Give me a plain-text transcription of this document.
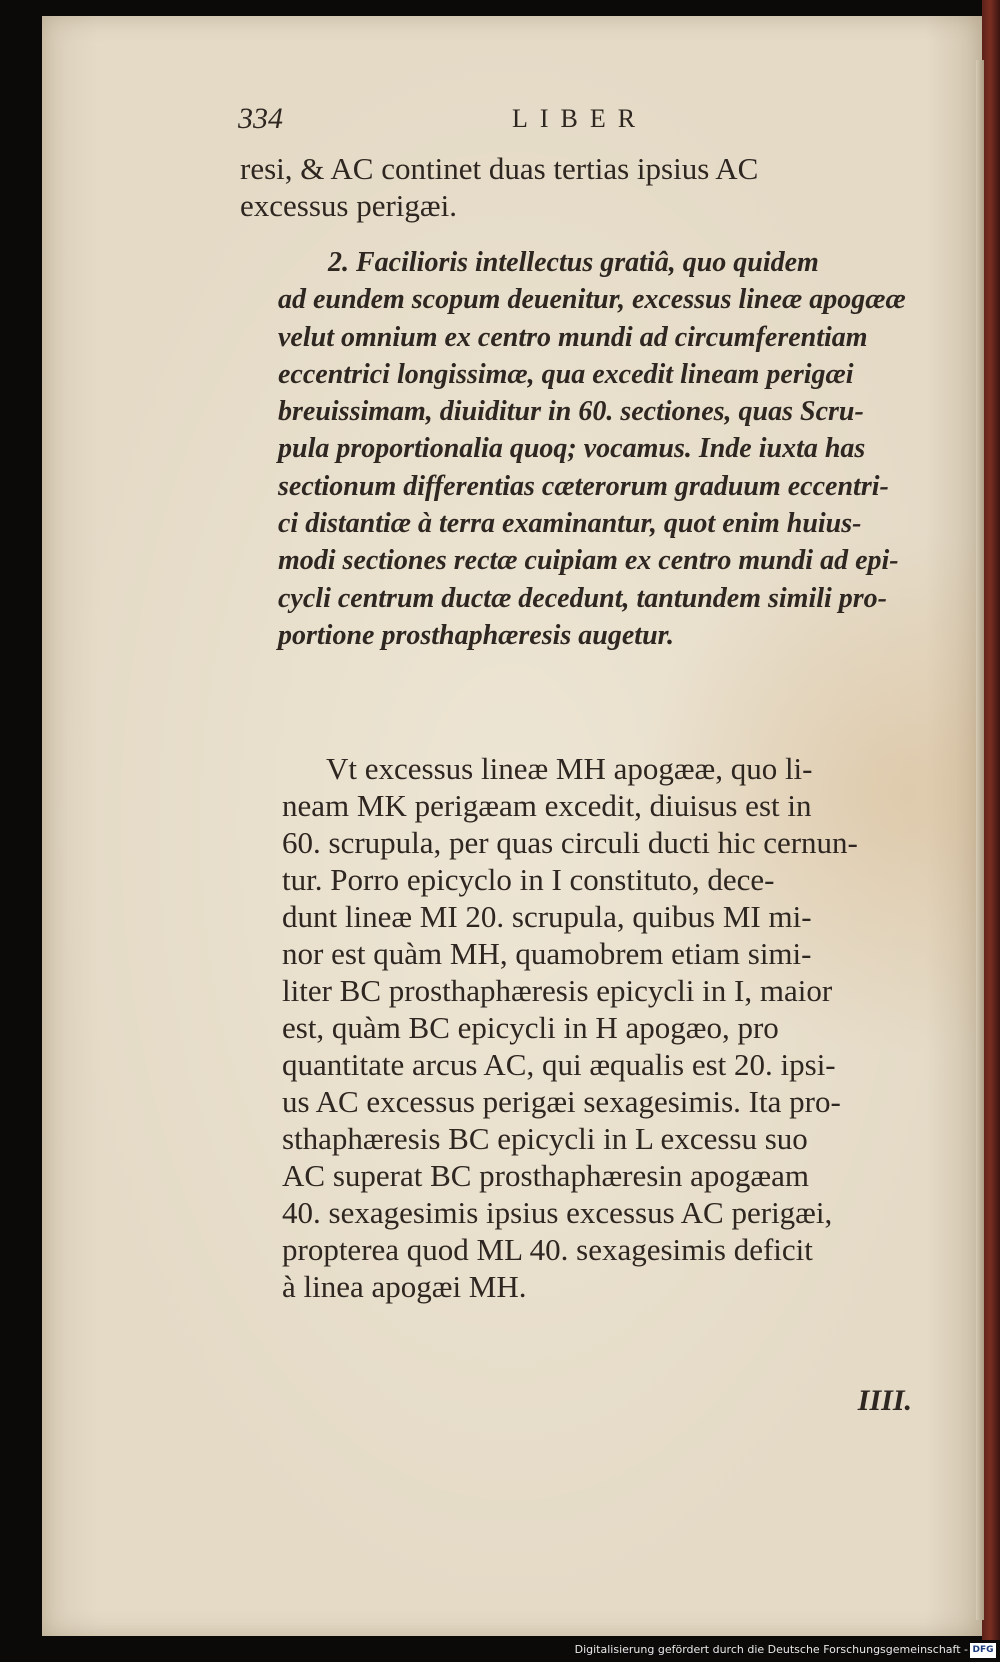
334	LIBER
resi, & AC continet duas tertias ipsius AC
excessus perigæi.
2. Facilioris intellectus gratiâ, quo quidem
ad eundem scopum deuenitur, excessus lineæ apogææ
velut omnium ex centro mundi ad circumferentiam
eccentrici longissimæ, qua excedit lineam perigæi
breuissimam, diuiditur in 60. sectiones, quas Scru-
pula proportionalia quoq; vocamus. Inde iuxta has
sectionum differentias cæterorum graduum eccentri-
ci distantiæ à terra examinantur, quot enim huius-
modi sectiones rectæ cuipiam ex centro mundi ad epi-
cycli centrum ductæ decedunt, tantundem simili pro-
portione prosthaphæresis augetur.
Vt excessus lineæ MH apogææ, quo li-
neam MK perigæam excedit, diuisus est in
60. scrupula, per quas circuli ducti hic cernun-
tur. Porro epicyclo in I constituto, dece-
dunt lineæ MI 20. scrupula, quibus MI mi-
nor est quàm MH, quamobrem etiam simi-
liter BC prosthaphæresis epicycli in I, maior
est, quàm BC epicycli in H apogæo, pro
quantitate arcus AC, qui æqualis est 20. ipsi-
us AC excessus perigæi sexagesimis. Ita pro-
sthaphæresis BC epicycli in L excessu suo
AC superat BC prosthaphæresin apogæam
40. sexagesimis ipsius excessus AC perigæi,
propterea quod ML 40. sexagesimis deficit
à linea apogæi MH.
IIII.
Digitalisierung gefördert durch die Deutsche Forschungsgemeinschaft - DFG
